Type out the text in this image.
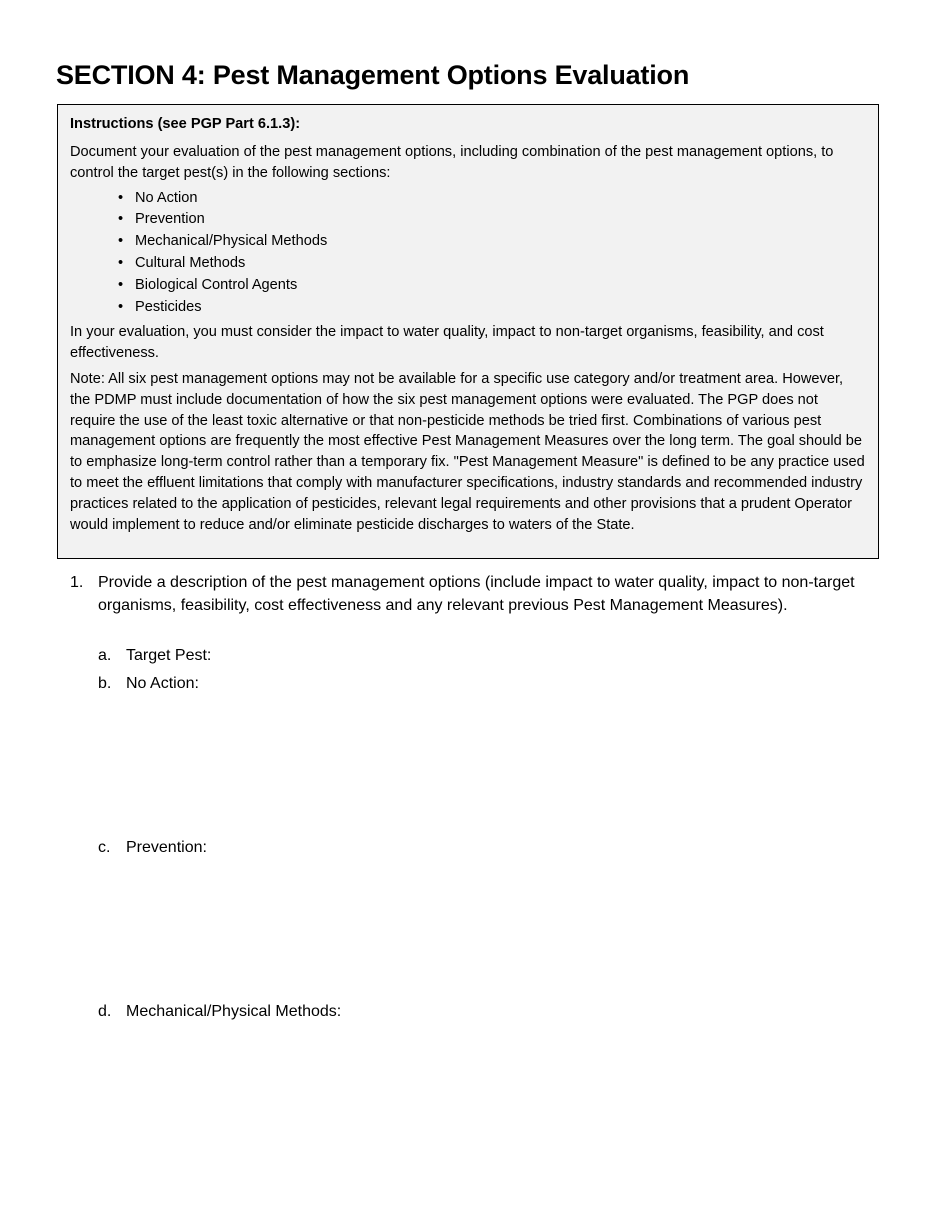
SECTION 4: Pest Management Options Evaluation
Instructions (see PGP Part 6.1.3):

Document your evaluation of the pest management options, including combination of the pest management options, to control the target pest(s) in the following sections:

• No Action
• Prevention
• Mechanical/Physical Methods
• Cultural Methods
• Biological Control Agents
• Pesticides

In your evaluation, you must consider the impact to water quality, impact to non-target organisms, feasibility, and cost effectiveness.

Note: All six pest management options may not be available for a specific use category and/or treatment area. However, the PDMP must include documentation of how the six pest management options were evaluated. The PGP does not require the use of the least toxic alternative or that non-pesticide methods be tried first. Combinations of various pest management options are frequently the most effective Pest Management Measures over the long term. The goal should be to emphasize long-term control rather than a temporary fix. "Pest Management Measure" is defined to be any practice used to meet the effluent limitations that comply with manufacturer specifications, industry standards and recommended industry practices related to the application of pesticides, relevant legal requirements and other provisions that a prudent Operator would implement to reduce and/or eliminate pesticide discharges to waters of the State.

1. Provide a description of the pest management options (include impact to water quality, impact to non-target organisms, feasibility, cost effectiveness and any relevant previous Pest Management Measures).
a. Target Pest:
b. No Action:
c. Prevention:
d. Mechanical/Physical Methods:
